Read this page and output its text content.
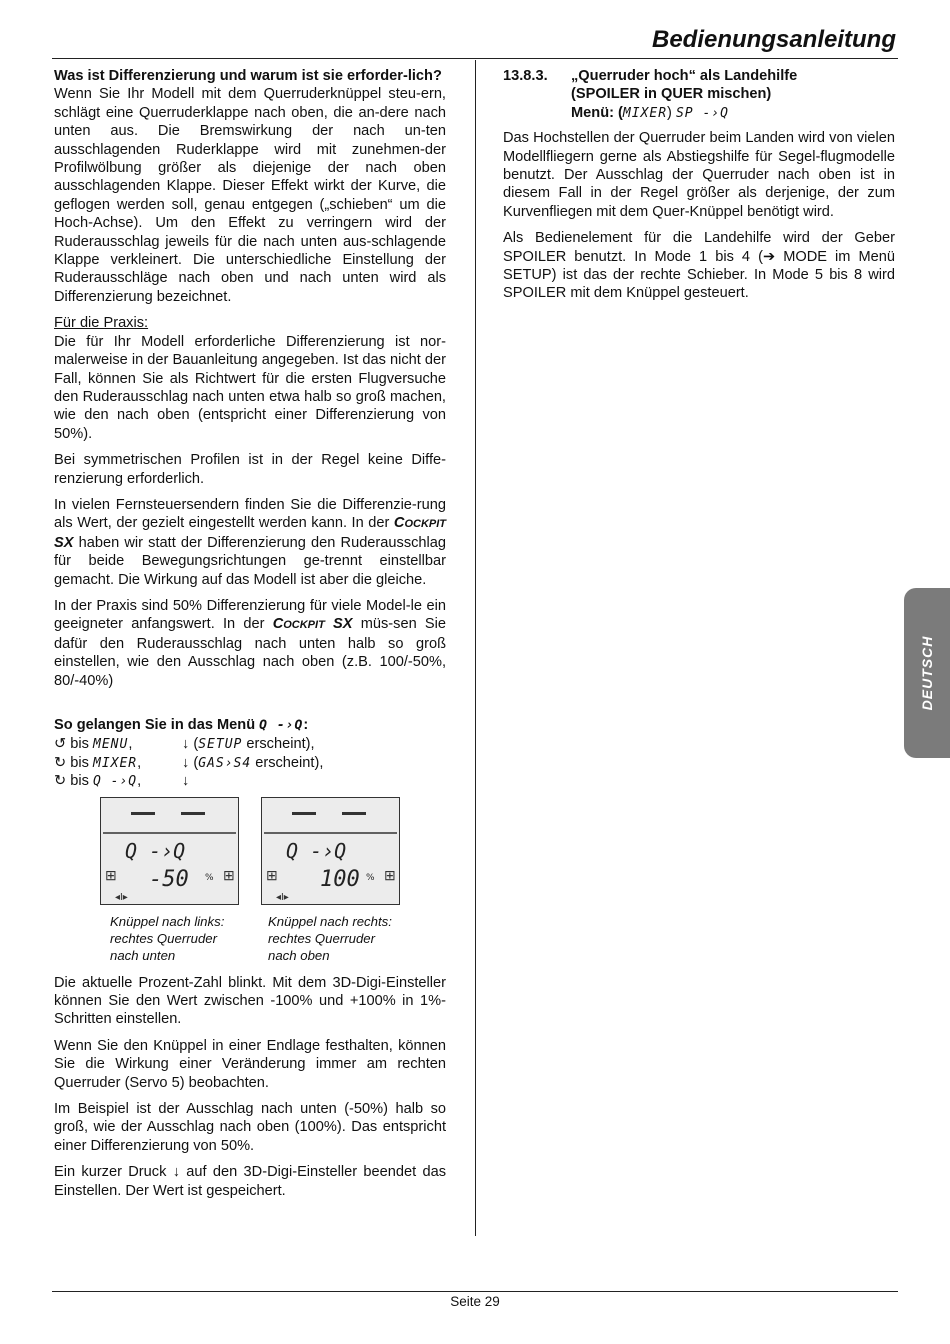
Bedienungsanleitung

Was ist Differenzierung und warum ist sie erforder-lich?

Wenn Sie Ihr Modell mit dem Querruderknüppel steu-ern, schlägt eine Querruderklappe nach oben, die an-dere nach unten aus. Die Bremswirkung der nach un-ten ausschlagenden Ruderklappe wird mit zunehmen-der Profilwölbung größer als diejenige der nach oben ausschlagenden Klappe. Dieser Effekt wirkt der Kurve, die geflogen werden soll, genau entgegen („schieben“ um die Hoch-Achse). Um den Effekt zu verringern wird der Ruderausschlag jeweils für die nach unten aus-schlagende Klappe verkleinert. Die unterschiedliche Einstellung der Ruderausschläge nach oben und nach unten wird als Differenzierung bezeichnet.

Für die Praxis:

Die für Ihr Modell erforderliche Differenzierung ist nor-malerweise in der Bauanleitung angegeben. Ist das nicht der Fall, können Sie als Richtwert für die ersten Flugversuche den Ruderausschlag nach unten etwa halb so groß machen, wie den nach oben (entspricht einer Differenzierung von 50%).

Bei symmetrischen Profilen ist in der Regel keine Diffe-renzierung erforderlich.

In vielen Fernsteuersendern finden Sie die Differenzie-rung als Wert, der gezielt eingestellt werden kann. In der COCKPIT SX haben wir statt der Differenzierung den Ruderausschlag für beide Bewegungsrichtungen ge-trennt einstellbar gemacht. Die Wirkung auf das Modell ist aber die gleiche.

In der Praxis sind 50% Differenzierung für viele Model-le ein geeigneter anfangswert. In der COCKPIT SX müs-sen Sie dafür den Ruderausschlag nach unten halb so groß einstellen, wie den Ausschlag nach oben (z.B. 100/-50%, 80/-40%)

So gelangen Sie in das Menü Q -›Q:
↺ bis MENU,	↓ (SETUP erscheint),
↻ bis MIXER,	↓ (GAS›S4 erscheint),
↻ bis Q -›Q,	↓
Q -›Q
-50 %
⊞	⊞
◂I▸
Q -›Q
100 %
⊞	⊞
◂I▸
Knüppel nach links:
rechtes Querruder
nach unten
Knüppel nach rechts:
rechtes Querruder
nach oben

Die aktuelle Prozent-Zahl blinkt. Mit dem 3D-Digi-Einsteller können Sie den Wert zwischen -100% und +100% in 1%-Schritten einstellen.

Wenn Sie den Knüppel in einer Endlage festhalten, können Sie die Wirkung einer Veränderung immer am rechten Querruder (Servo 5) beobachten.

Im Beispiel ist der Ausschlag nach unten (-50%) halb so groß, wie der Ausschlag nach oben (100%). Das entspricht einer Differenzierung von 50%.

Ein kurzer Druck ↓ auf den 3D-Digi-Einsteller beendet das Einstellen. Der Wert ist gespeichert.

13.8.3.	„Querruder hoch“ als Landehilfe
(SPOILER in QUER mischen)
Menü: (MIXER) SP -›Q

Das Hochstellen der Querruder beim Landen wird von vielen Modellfliegern gerne als Abstiegshilfe für Segel-flugmodelle benutzt. Der Ausschlag der Querruder nach oben ist in diesem Fall in der Regel größer als derjenige, der zum Kurvenfliegen mit dem Quer-Knüppel benötigt wird.

Als Bedienelement für die Landehilfe wird der Geber SPOILER benutzt. In Mode 1 bis 4 (➔ MODE im Menü SETUP) ist das der rechte Schieber. In Mode 5 bis 8 wird SPOILER mit dem Knüppel gesteuert.

DEUTSCH
Seite 29
